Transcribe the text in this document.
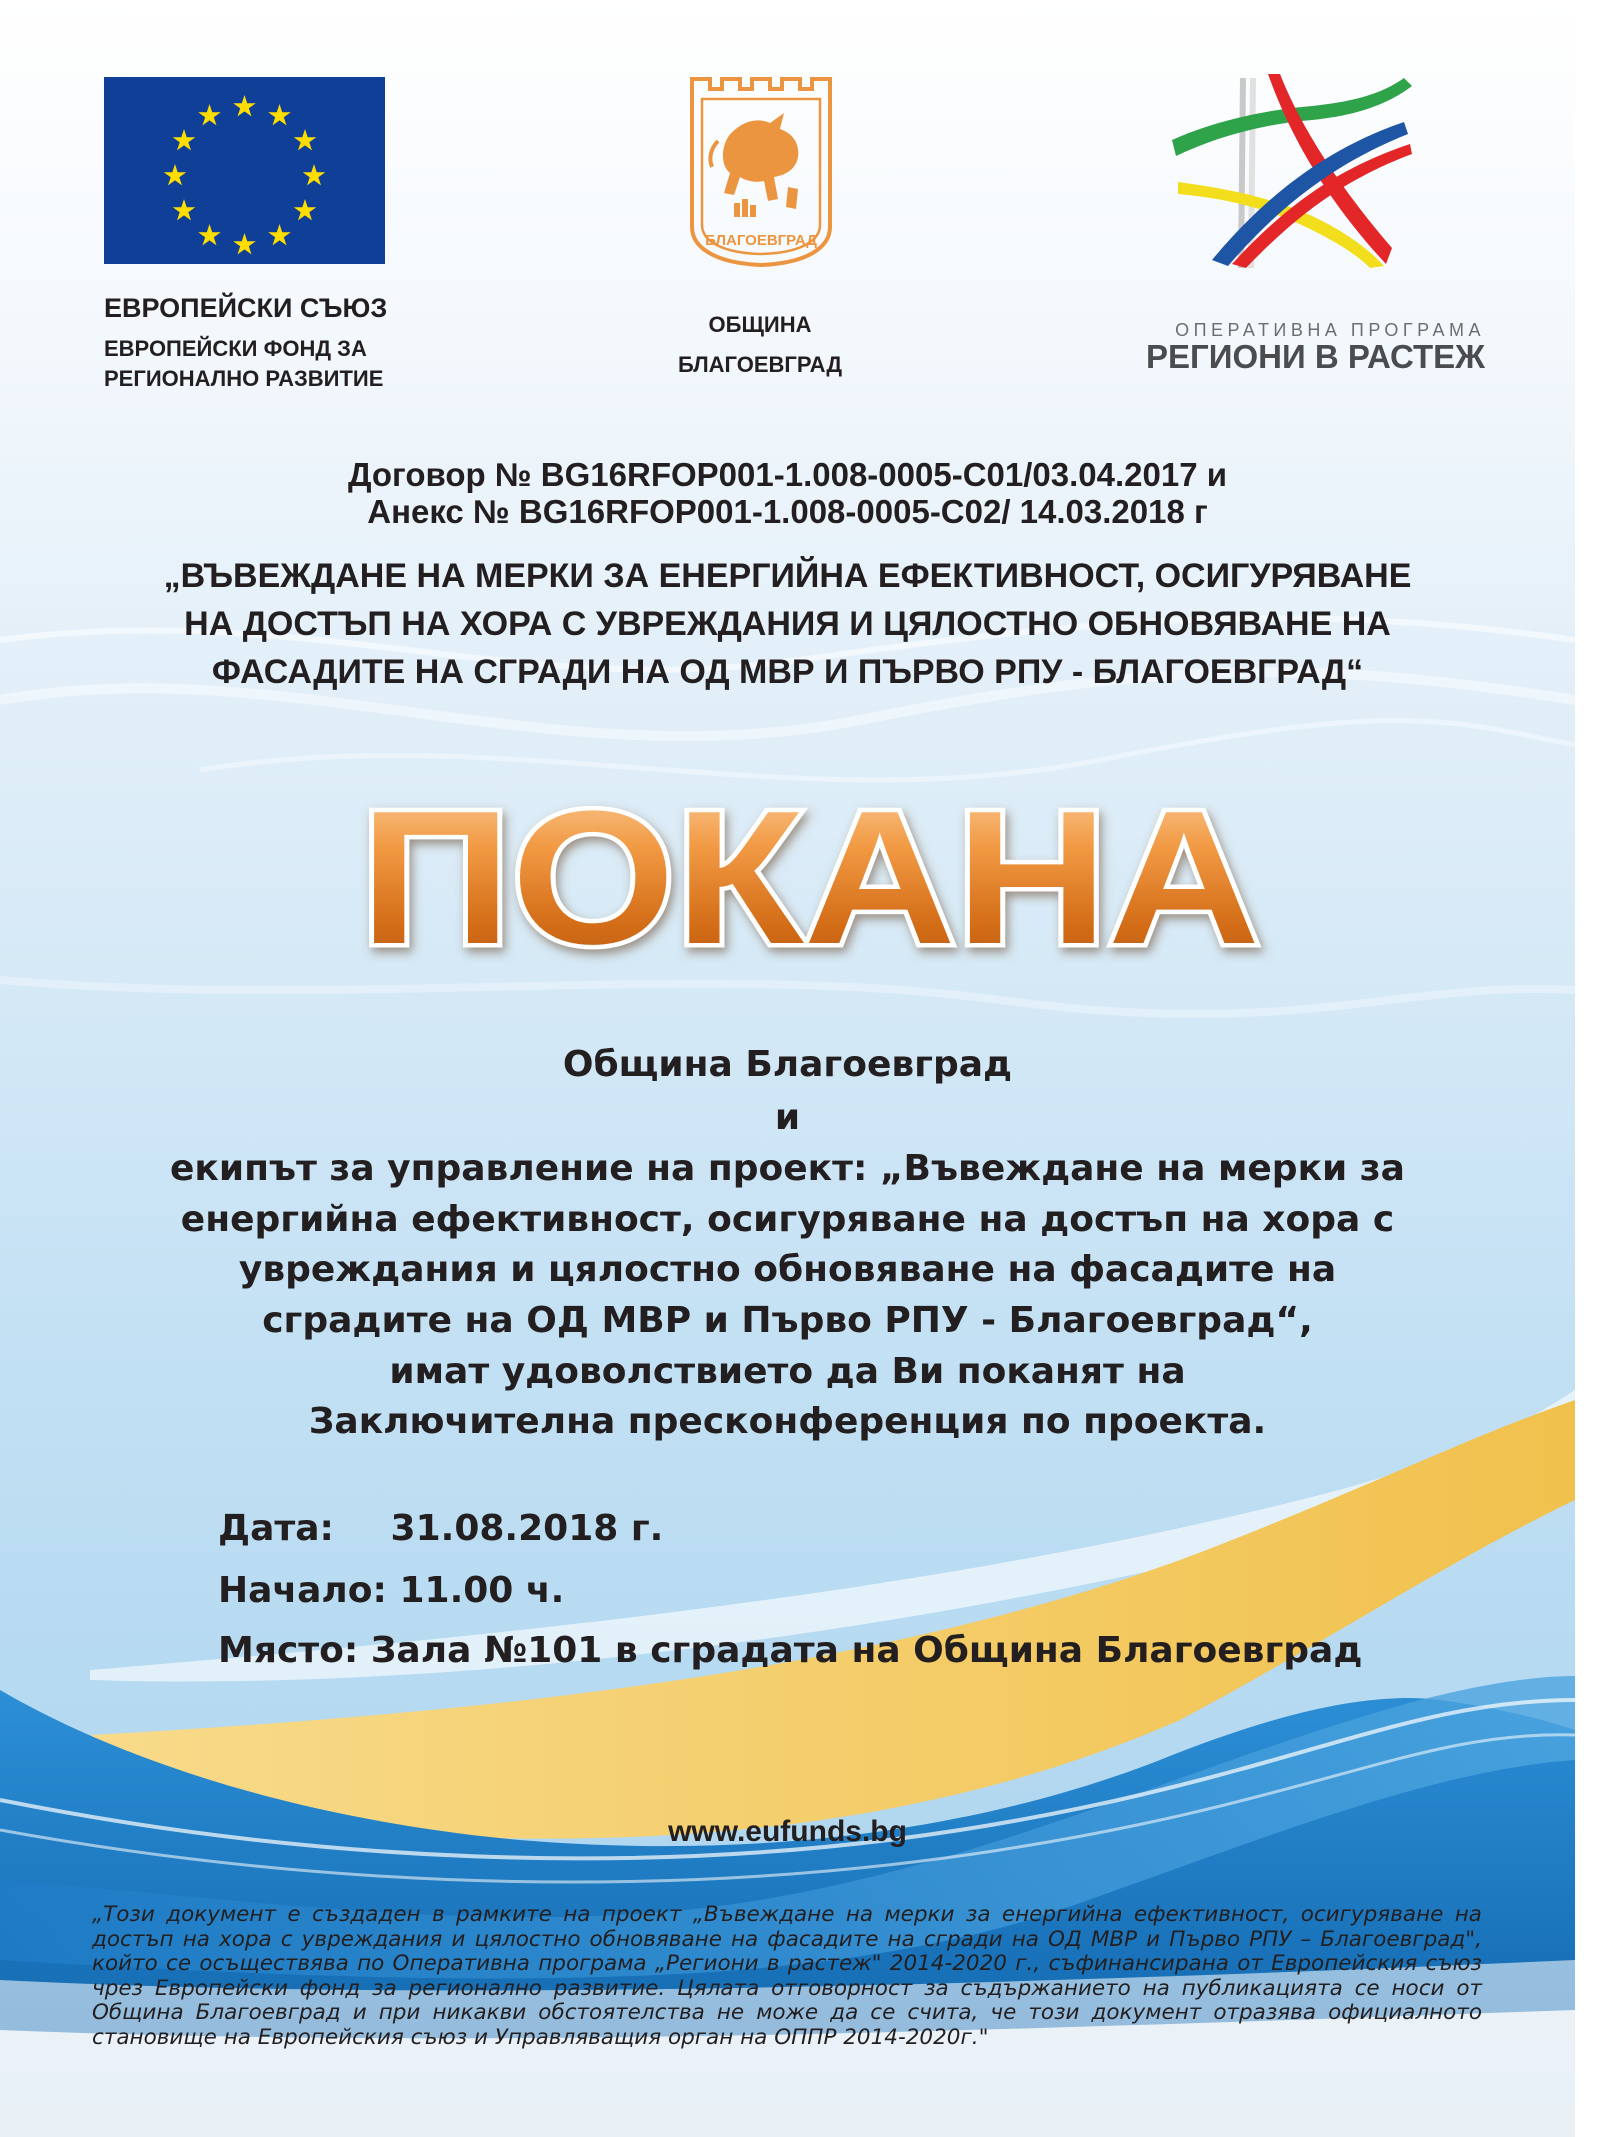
ЕВРОПЕЙСКИ СЪЮЗ
ЕВРОПЕЙСКИ ФОНД ЗА
РЕГИОНАЛНО РАЗВИТИЕ
БЛАГОЕВГРАД
ОБЩИНА
БЛАГОЕВГРАД
ОПЕРАТИВНА ПРОГРАМА
РЕГИОНИ В РАСТЕЖ
Договор № BG16RFOP001-1.008-0005-C01/03.04.2017 и
Анекс № BG16RFOP001-1.008-0005-C02/ 14.03.2018 г
„ВЪВЕЖДАНЕ НА МЕРКИ ЗА ЕНЕРГИЙНА ЕФЕКТИВНОСТ, ОСИГУРЯВАНЕ
НА ДОСТЪП НА ХОРА С УВРЕЖДАНИЯ И ЦЯЛОСТНО ОБНОВЯВАНЕ НА
ФАСАДИТЕ НА СГРАДИ НА ОД МВР И ПЪРВО РПУ - БЛАГОЕВГРАД“
ПОКАНА
Община Благоевград
и
екипът за управление на проект: „Въвеждане на мерки за
енергийна ефективност, осигуряване на достъп на хора с
увреждания и цялостно обновяване на фасадите на
сградите на ОД МВР и Първо РПУ - Благоевград“,
имат удоволствието да Ви поканят на
Заключителна пресконференция по проекта.
Дата: 31.08.2018 г.
Начало: 11.00 ч.
Място: Зала №101 в сградата на Община Благоевград
www.eufunds.bg
„Този документ е създаден в рамките на проект „Въвеждане на мерки за енергийна ефективност, осигуряване на достъп на хора с увреждания и цялостно обновяване на фасадите на сгради на ОД МВР и Първо РПУ – Благоевград", който се осъществява по Оперативна програма „Региони в растеж" 2014-2020 г., съфинансирана от Европейския съюз чрез Европейски фонд за регионално развитие. Цялата отговорност за съдържанието на публикацията се носи от Община Благоевград и при никакви обстоятелства не може да се счита, че този документ отразява официалното становище на Европейския съюз и Управляващия орган на ОППР 2014-2020г."
